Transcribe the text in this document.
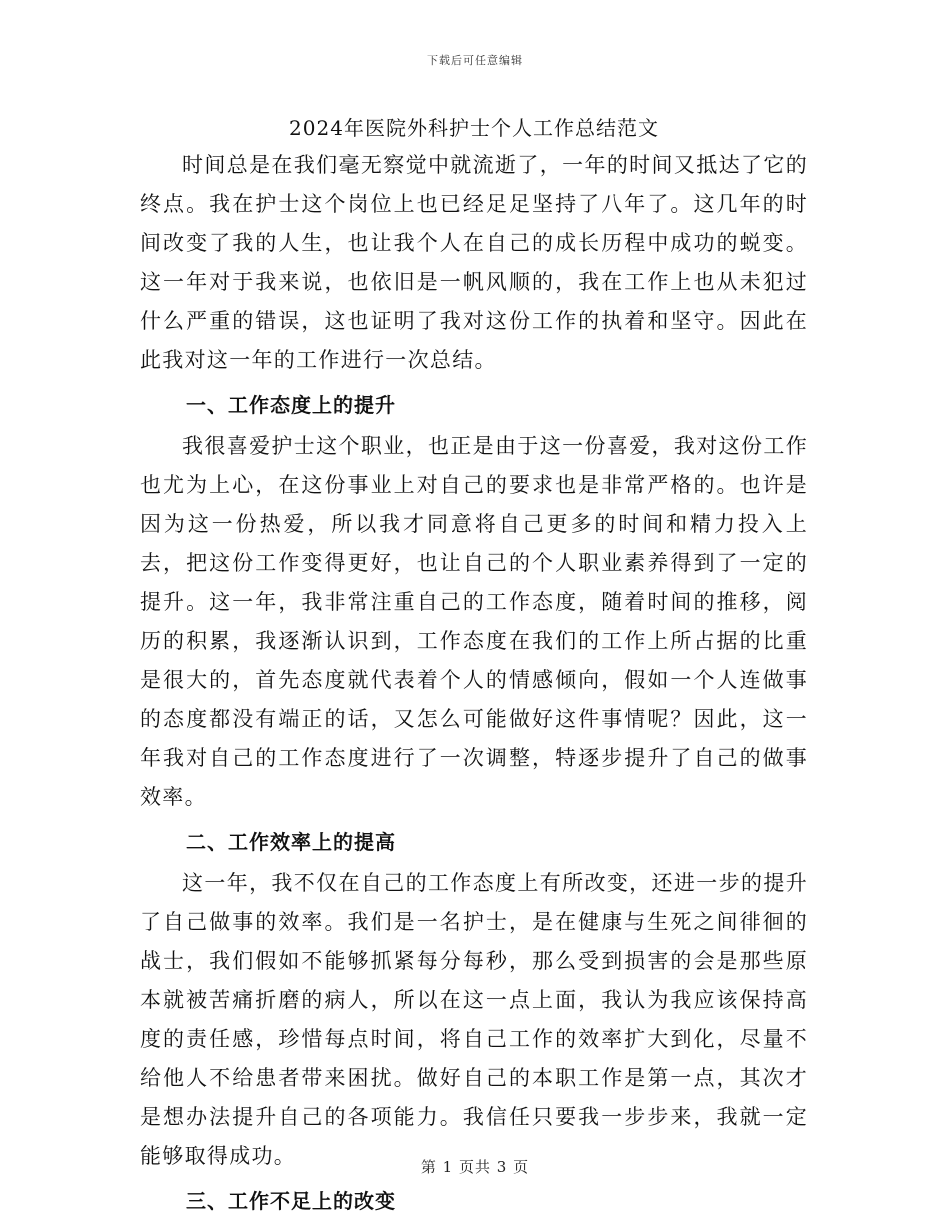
下载后可任意编辑
2024年医院外科护士个人工作总结范文

时间总是在我们毫无察觉中就流逝了，一年的时间又抵达了它的终点。我在护士这个岗位上也已经足足坚持了八年了。这几年的时间改变了我的人生，也让我个人在自己的成长历程中成功的蜕变。这一年对于我来说，也依旧是一帆风顺的，我在工作上也从未犯过什么严重的错误，这也证明了我对这份工作的执着和坚守。因此在此我对这一年的工作进行一次总结。

一、工作态度上的提升

我很喜爱护士这个职业，也正是由于这一份喜爱，我对这份工作也尤为上心，在这份事业上对自己的要求也是非常严格的。也许是因为这一份热爱，所以我才同意将自己更多的时间和精力投入上去，把这份工作变得更好，也让自己的个人职业素养得到了一定的提升。这一年，我非常注重自己的工作态度，随着时间的推移，阅历的积累，我逐渐认识到，工作态度在我们的工作上所占据的比重是很大的，首先态度就代表着个人的情感倾向，假如一个人连做事的态度都没有端正的话，又怎么可能做好这件事情呢？因此，这一年我对自己的工作态度进行了一次调整，特逐步提升了自己的做事效率。

二、工作效率上的提高

这一年，我不仅在自己的工作态度上有所改变，还进一步的提升了自己做事的效率。我们是一名护士，是在健康与生死之间徘徊的战士，我们假如不能够抓紧每分每秒，那么受到损害的会是那些原本就被苦痛折磨的病人，所以在这一点上面，我认为我应该保持高度的责任感，珍惜每点时间，将自己工作的效率扩大到化，尽量不给他人不给患者带来困扰。做好自己的本职工作是第一点，其次才是想办法提升自己的各项能力。我信任只要我一步步来，我就一定能够取得成功。

三、工作不足上的改变
第 1 页共 3 页
